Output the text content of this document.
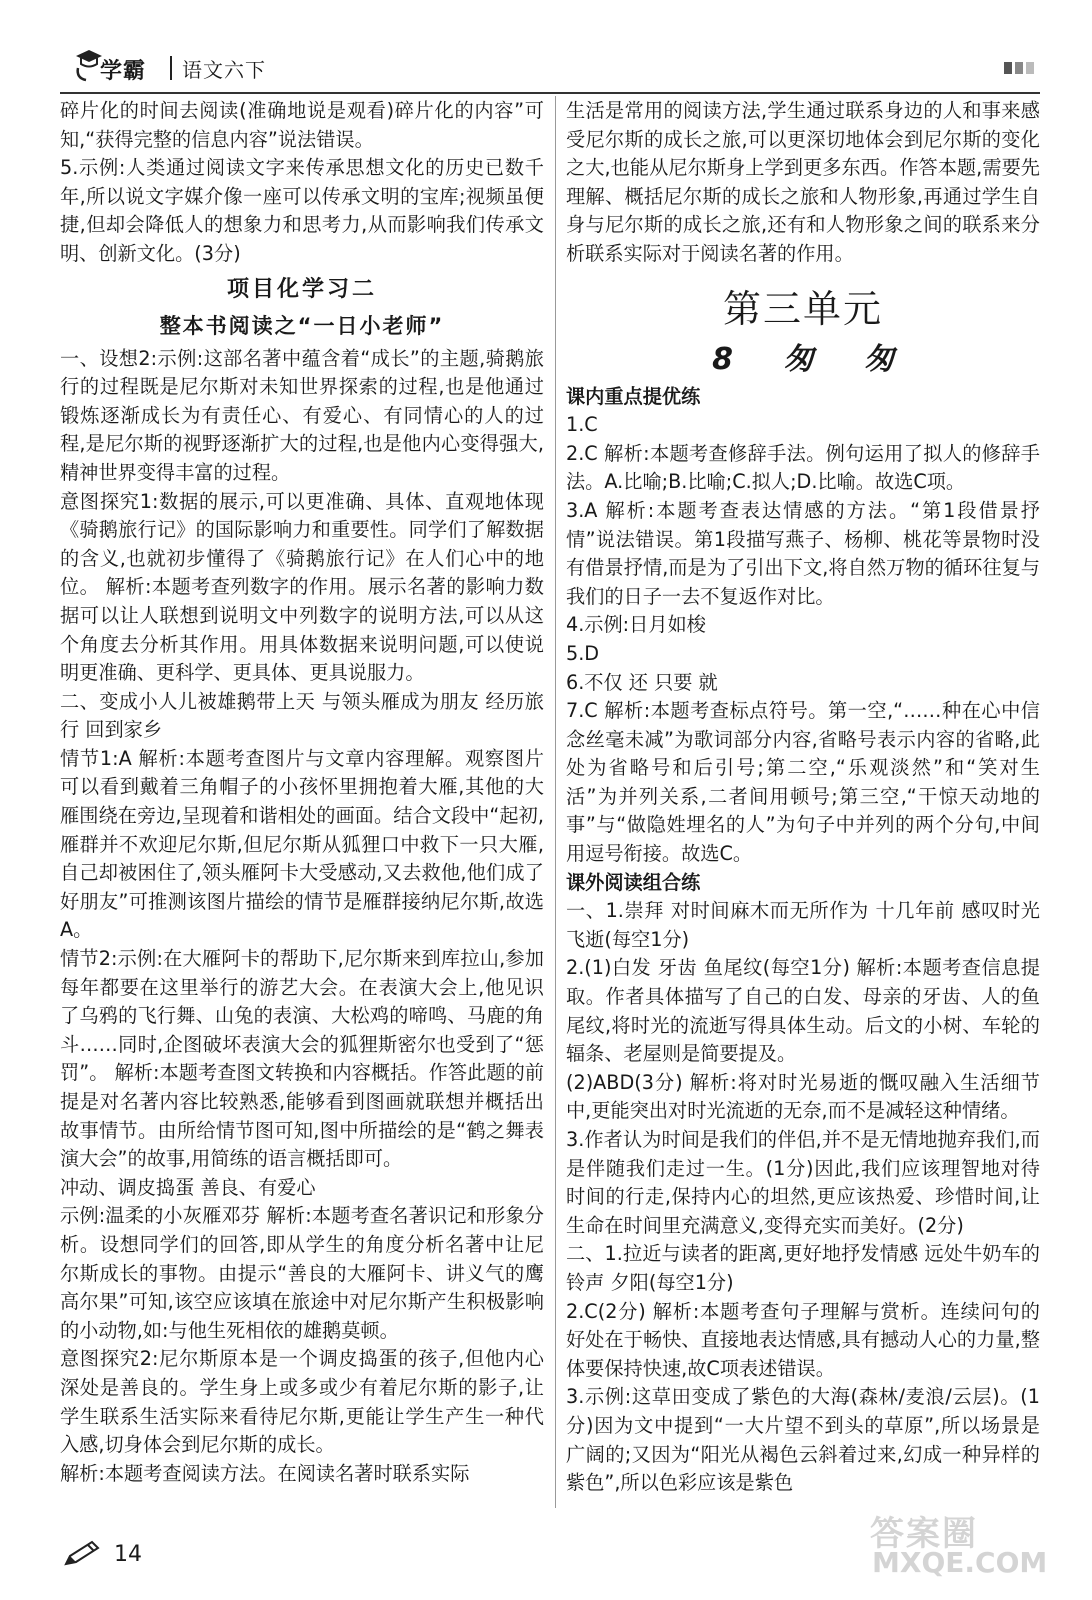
学霸 语文六下

碎片化的时间去阅读(准确地说是观看)碎片化的内容”可知,“获得完整的信息内容”说法错误。

5.示例:人类通过阅读文字来传承思想文化的历史已数千年,所以说文字媒介像一座可以传承文明的宝库;视频虽便捷,但却会降低人的想象力和思考力,从而影响我们传承文明、创新文化。(3分)

项目化学习二

整本书阅读之“一日小老师”

一、设想2:示例:这部名著中蕴含着“成长”的主题,骑鹅旅行的过程既是尼尔斯对未知世界探索的过程,也是他通过锻炼逐渐成长为有责任心、有爱心、有同情心的人的过程,是尼尔斯的视野逐渐扩大的过程,也是他内心变得强大,精神世界变得丰富的过程。

意图探究1:数据的展示,可以更准确、具体、直观地体现《骑鹅旅行记》的国际影响力和重要性。同学们了解数据的含义,也就初步懂得了《骑鹅旅行记》在人们心中的地位。 解析:本题考查列数字的作用。展示名著的影响力数据可以让人联想到说明文中列数字的说明方法,可以从这个角度去分析其作用。用具体数据来说明问题,可以使说明更准确、更科学、更具体、更具说服力。

二、变成小人儿被雄鹅带上天 与领头雁成为朋友 经历旅行 回到家乡

情节1:A 解析:本题考查图片与文章内容理解。观察图片可以看到戴着三角帽子的小孩怀里拥抱着大雁,其他的大雁围绕在旁边,呈现着和谐相处的画面。结合文段中“起初,雁群并不欢迎尼尔斯,但尼尔斯从狐狸口中救下一只大雁,自己却被困住了,领头雁阿卡大受感动,又去救他,他们成了好朋友”可推测该图片描绘的情节是雁群接纳尼尔斯,故选A。

情节2:示例:在大雁阿卡的帮助下,尼尔斯来到库拉山,参加每年都要在这里举行的游艺大会。在表演大会上,他见识了乌鸦的飞行舞、山兔的表演、大松鸡的啼鸣、马鹿的角斗……同时,企图破坏表演大会的狐狸斯密尔也受到了“惩罚”。 解析:本题考查图文转换和内容概括。作答此题的前提是对名著内容比较熟悉,能够看到图画就联想并概括出故事情节。由所给情节图可知,图中所描绘的是“鹤之舞表演大会”的故事,用简练的语言概括即可。

冲动、调皮捣蛋 善良、有爱心

示例:温柔的小灰雁邓芬 解析:本题考查名著识记和形象分析。设想同学们的回答,即从学生的角度分析名著中让尼尔斯成长的事物。由提示“善良的大雁阿卡、讲义气的鹰高尔果”可知,该空应该填在旅途中对尼尔斯产生积极影响的小动物,如:与他生死相依的雄鹅莫顿。

意图探究2:尼尔斯原本是一个调皮捣蛋的孩子,但他内心深处是善良的。学生身上或多或少有着尼尔斯的影子,让学生联系生活实际来看待尼尔斯,更能让学生产生一种代入感,切身体会到尼尔斯的成长。

解析:本题考查阅读方法。在阅读名著时联系实际

生活是常用的阅读方法,学生通过联系身边的人和事来感受尼尔斯的成长之旅,可以更深切地体会到尼尔斯的变化之大,也能从尼尔斯身上学到更多东西。作答本题,需要先理解、概括尼尔斯的成长之旅和人物形象,再通过学生自身与尼尔斯的成长之旅,还有和人物形象之间的联系来分析联系实际对于阅读名著的作用。

第三单元

8 匆 匆

课内重点提优练

1.C

2.C 解析:本题考查修辞手法。例句运用了拟人的修辞手法。A.比喻;B.比喻;C.拟人;D.比喻。故选C项。

3.A 解析:本题考查表达情感的方法。“第1段借景抒情”说法错误。第1段描写燕子、杨柳、桃花等景物时没有借景抒情,而是为了引出下文,将自然万物的循环往复与我们的日子一去不复返作对比。

4.示例:日月如梭

5.D

6.不仅 还 只要 就

7.C 解析:本题考查标点符号。第一空,“……种在心中信念丝毫未减”为歌词部分内容,省略号表示内容的省略,此处为省略号和后引号;第二空,“乐观淡然”和“笑对生活”为并列关系,二者间用顿号;第三空,“干惊天动地的事”与“做隐姓埋名的人”为句子中并列的两个分句,中间用逗号衔接。故选C。

课外阅读组合练

一、1.崇拜 对时间麻木而无所作为 十几年前 感叹时光飞逝(每空1分)

2.(1)白发 牙齿 鱼尾纹(每空1分) 解析:本题考查信息提取。作者具体描写了自己的白发、母亲的牙齿、人的鱼尾纹,将时光的流逝写得具体生动。后文的小树、车轮的辐条、老屋则是简要提及。

(2)ABD(3分) 解析:将对时光易逝的慨叹融入生活细节中,更能突出对时光流逝的无奈,而不是减轻这种情绪。

3.作者认为时间是我们的伴侣,并不是无情地抛弃我们,而是伴随我们走过一生。(1分)因此,我们应该理智地对待时间的行走,保持内心的坦然,更应该热爱、珍惜时间,让生命在时间里充满意义,变得充实而美好。(2分)

二、1.拉近与读者的距离,更好地抒发情感 远处牛奶车的铃声 夕阳(每空1分)

2.C(2分) 解析:本题考查句子理解与赏析。连续问句的好处在于畅快、直接地表达情感,具有撼动人心的力量,整体要保持快速,故C项表述错误。

3.示例:这草田变成了紫色的大海(森林/麦浪/云层)。(1分)因为文中提到“一大片望不到头的草原”,所以场景是广阔的;又因为“阳光从褐色云斜着过来,幻成一种异样的紫色”,所以色彩应该是紫色

14
答案圈
MXQE.COM
